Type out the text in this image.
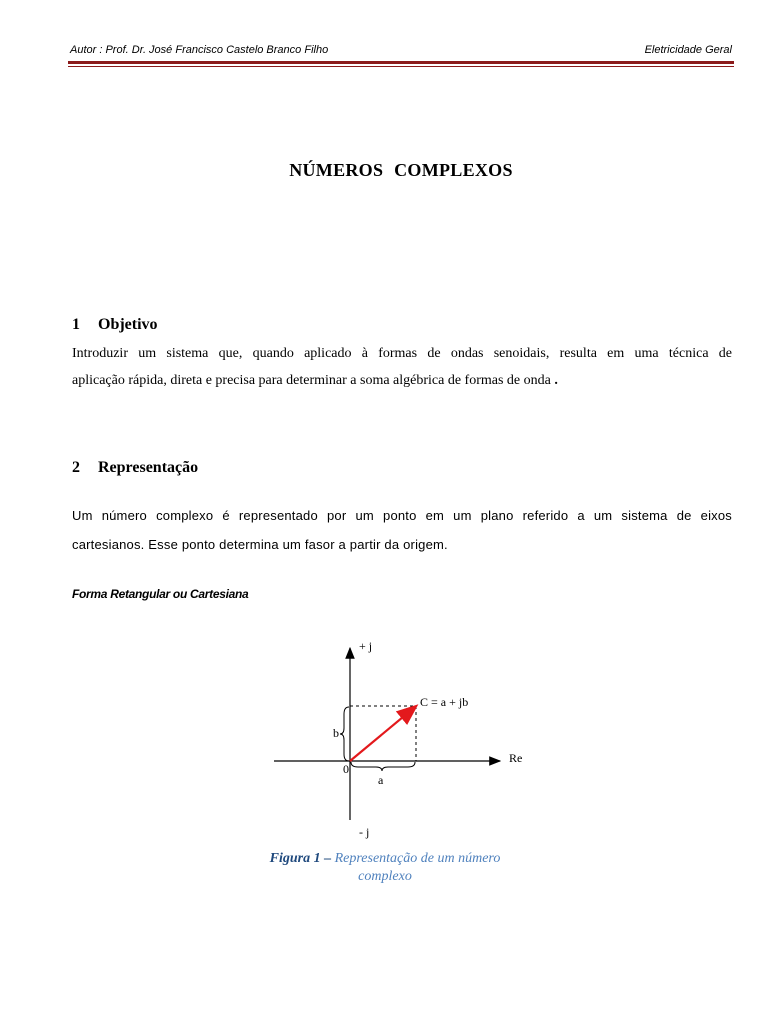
Autor : Prof. Dr. José Francisco Castelo Branco Filho	Eletricidade Geral
NÚMEROS COMPLEXOS
1 Objetivo
Introduzir um sistema que, quando aplicado à formas de ondas senoidais, resulta em uma técnica de
aplicação rápida, direta e precisa para determinar a soma algébrica de formas de onda .
2 Representação
Um número complexo é representado por um ponto em um plano referido a um sistema de eixos
cartesianos. Esse ponto determina um fasor a partir da origem.
Forma Retangular ou Cartesiana
+ j
- j
Re
0
C = a + jb
a
b
Figura 1 – Representação de um número complexo
